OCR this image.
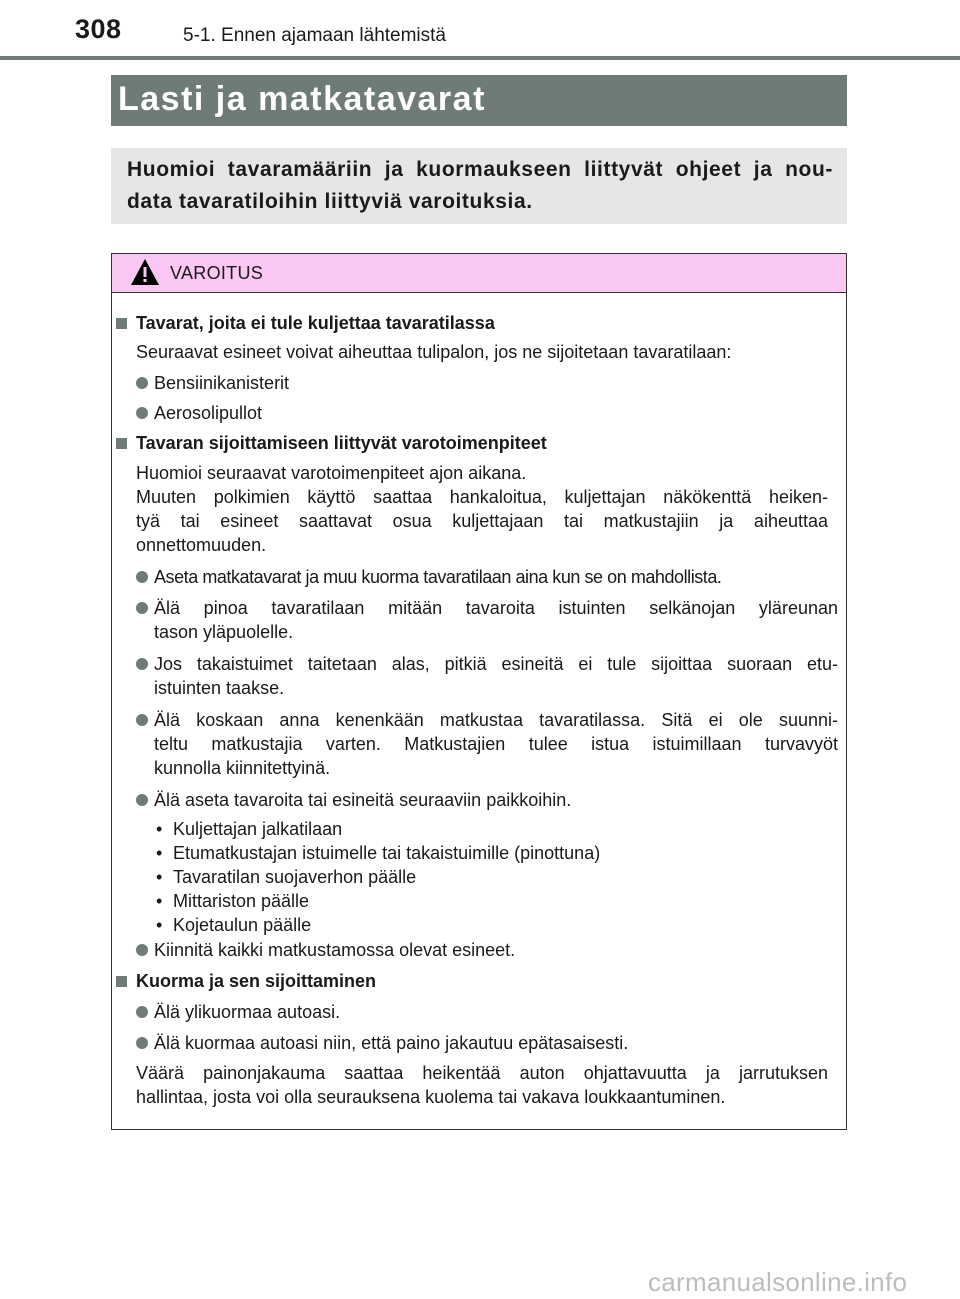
308	5-1. Ennen ajamaan lähtemistä
Lasti ja matkatavarat
Huomioi tavaramääriin ja kuormaukseen liittyvät ohjeet ja nou-
data tavaratiloihin liittyviä varoituksia.
VAROITUS
Tavarat, joita ei tule kuljettaa tavaratilassa
Seuraavat esineet voivat aiheuttaa tulipalon, jos ne sijoitetaan tavaratilaan:
Bensiinikanisterit
Aerosolipullot
Tavaran sijoittamiseen liittyvät varotoimenpiteet
Huomioi seuraavat varotoimenpiteet ajon aikana.
Muuten polkimien käyttö saattaa hankaloitua, kuljettajan näkökenttä heiken-
tyä tai esineet saattavat osua kuljettajaan tai matkustajiin ja aiheuttaa
onnettomuuden.
Aseta matkatavarat ja muu kuorma tavaratilaan aina kun se on mahdollista.
Älä pinoa tavaratilaan mitään tavaroita istuinten selkänojan yläreunan
tason yläpuolelle.
Jos takaistuimet taitetaan alas, pitkiä esineitä ei tule sijoittaa suoraan etu-
istuinten taakse.
Älä koskaan anna kenenkään matkustaa tavaratilassa. Sitä ei ole suunni-
teltu matkustajia varten. Matkustajien tulee istua istuimillaan turvavyöt
kunnolla kiinnitettyinä.
Älä aseta tavaroita tai esineitä seuraaviin paikkoihin.
• Kuljettajan jalkatilaan
• Etumatkustajan istuimelle tai takaistuimille (pinottuna)
• Tavaratilan suojaverhon päälle
• Mittariston päälle
• Kojetaulun päälle
Kiinnitä kaikki matkustamossa olevat esineet.
Kuorma ja sen sijoittaminen
Älä ylikuormaa autoasi.
Älä kuormaa autoasi niin, että paino jakautuu epätasaisesti.
Väärä painonjakauma saattaa heikentää auton ohjattavuutta ja jarrutuksen
hallintaa, josta voi olla seurauksena kuolema tai vakava loukkaantuminen.
carmanualsonline.info
